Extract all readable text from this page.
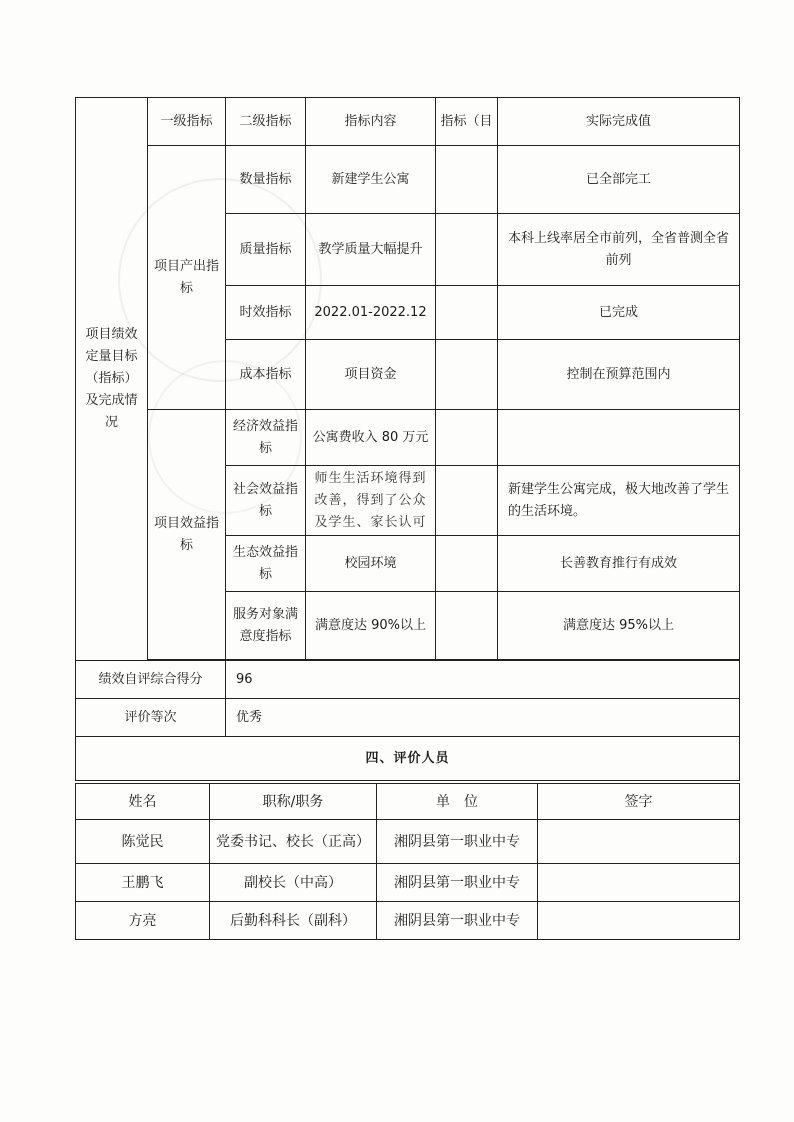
项目绩效定量目标（指标）及完成情况	一级指标	二级指标	指标内容	指标（目	实际完成值
	项目产出指标	数量指标	新建学生公寓		已全部完工
		质量指标	教学质量大幅提升		本科上线率居全市前列，全省普测全省前列
		时效指标	2022.01-2022.12		已完成
		成本指标	项目资金		控制在预算范围内
	项目效益指标	经济效益指标	公寓费收入 80 万元		
		社会效益指标	师生生活环境得到改善，得到了公众及学生、家长认可		新建学生公寓完成，极大地改善了学生的生活环境。
		生态效益指标	校园环境		长善教育推行有成效
		服务对象满意度指标	满意度达 90%以上		满意度达 95%以上

绩效自评综合得分		96			
评价等次		优秀			
四、评价人员					
姓名	职称/职务	单　位	签字
陈觉民	党委书记、校长（正高）	湘阴县第一职业中专	
王鹏飞	副校长（中高）	湘阴县第一职业中专	
方亮	后勤科科长（副科）	湘阴县第一职业中专	
